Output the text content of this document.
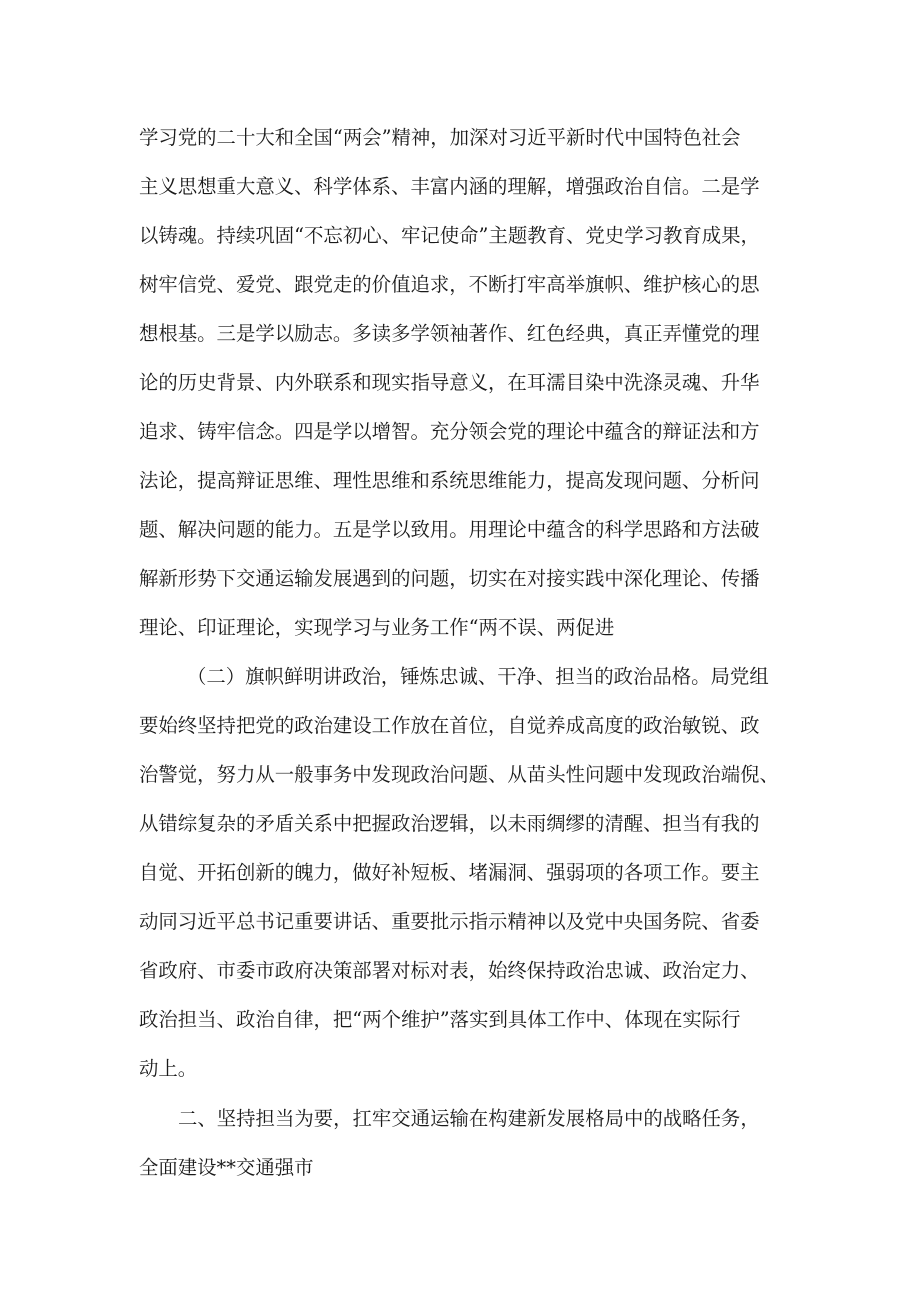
学习党的二十大和全国“两会”精神，加深对习近平新时代中国特色社会
主义思想重大意义、科学体系、丰富内涵的理解，增强政治自信。二是学
以铸魂。持续巩固“不忘初心、牢记使命”主题教育、党史学习教育成果，
树牢信党、爱党、跟党走的价值追求，不断打牢高举旗帜、维护核心的思
想根基。三是学以励志。多读多学领袖著作、红色经典，真正弄懂党的理
论的历史背景、内外联系和现实指导意义，在耳濡目染中洗涤灵魂、升华
追求、铸牢信念。四是学以增智。充分领会党的理论中蕴含的辩证法和方
法论，提高辩证思维、理性思维和系统思维能力，提高发现问题、分析问
题、解决问题的能力。五是学以致用。用理论中蕴含的科学思路和方法破
解新形势下交通运输发展遇到的问题，切实在对接实践中深化理论、传播
理论、印证理论，实现学习与业务工作“两不误、两促进
（二）旗帜鲜明讲政治，锤炼忠诚、干净、担当的政治品格。局党组
要始终坚持把党的政治建设工作放在首位，自觉养成高度的政治敏锐、政
治警觉，努力从一般事务中发现政治问题、从苗头性问题中发现政治端倪、
从错综复杂的矛盾关系中把握政治逻辑，以未雨绸缪的清醒、担当有我的
自觉、开拓创新的魄力，做好补短板、堵漏洞、强弱项的各项工作。要主
动同习近平总书记重要讲话、重要批示指示精神以及党中央国务院、省委
省政府、市委市政府决策部署对标对表，始终保持政治忠诚、政治定力、
政治担当、政治自律，把“两个维护”落实到具体工作中、体现在实际行
动上。
二、坚持担当为要，扛牢交通运输在构建新发展格局中的战略任务，
全面建设**交通强市
